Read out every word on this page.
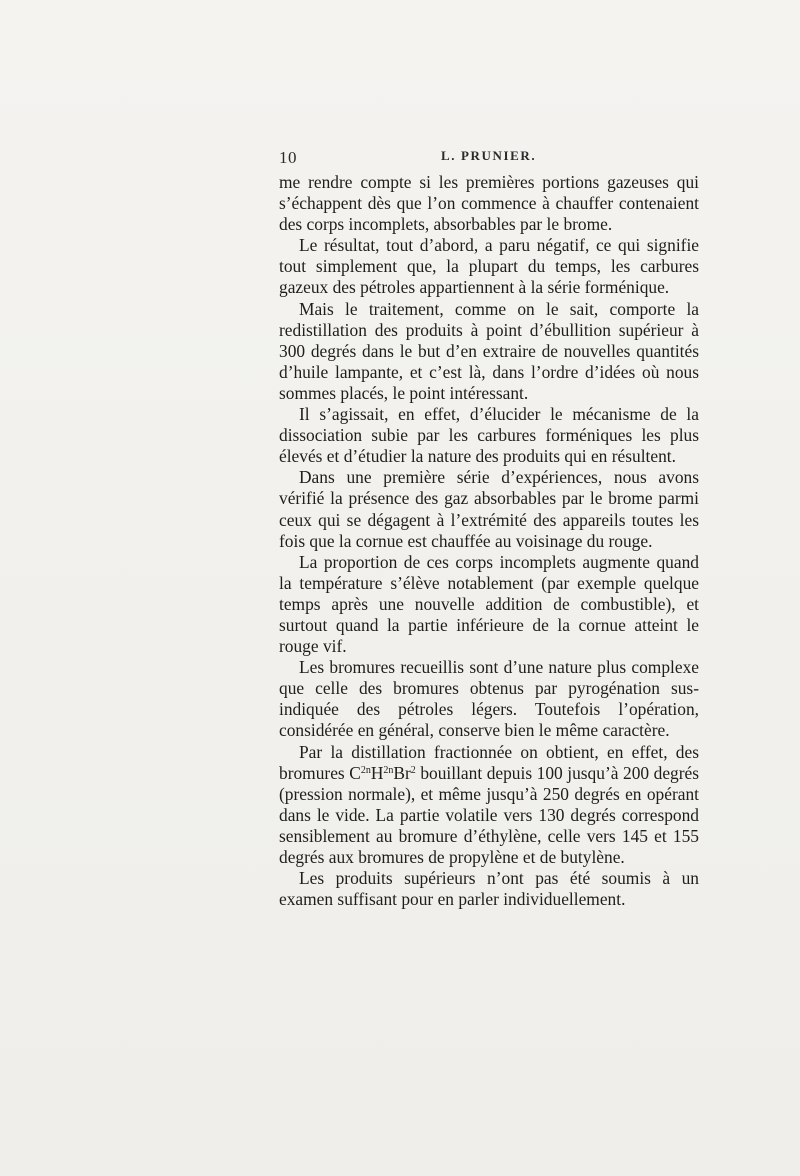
10	L. PRUNIER.

me rendre compte si les premières portions gazeuses qui s’échappent dès que l’on commence à chauffer contenaient des corps incomplets, absorbables par le brome.

Le résultat, tout d’abord, a paru négatif, ce qui signifie tout simplement que, la plupart du temps, les carbures gazeux des pétroles appartiennent à la série forménique.

Mais le traitement, comme on le sait, comporte la redistillation des produits à point d’ébullition supérieur à 300 degrés dans le but d’en extraire de nouvelles quantités d’huile lampante, et c’est là, dans l’ordre d’idées où nous sommes placés, le point intéressant.

Il s’agissait, en effet, d’élucider le mécanisme de la dissociation subie par les carbures forméniques les plus élevés et d’étudier la nature des produits qui en résultent.

Dans une première série d’expériences, nous avons vérifié la présence des gaz absorbables par le brome parmi ceux qui se dégagent à l’extrémité des appareils toutes les fois que la cornue est chauffée au voisinage du rouge.

La proportion de ces corps incomplets augmente quand la température s’élève notablement (par exemple quelque temps après une nouvelle addition de combustible), et surtout quand la partie inférieure de la cornue atteint le rouge vif.

Les bromures recueillis sont d’une nature plus complexe que celle des bromures obtenus par pyrogénation sus-indiquée des pétroles légers. Toutefois l’opération, considérée en général, conserve bien le même caractère.

Par la distillation fractionnée on obtient, en effet, des bromures $C^{2n}H^{2n}Br^2$ bouillant depuis 100 jusqu’à 200 degrés (pression normale), et même jusqu’à 250 degrés en opérant dans le vide. La partie volatile vers 130 degrés correspond sensiblement au bromure d’éthylène, celle vers 145 et 155 degrés aux bromures de propylène et de butylène.

Les produits supérieurs n’ont pas été soumis à un examen suffisant pour en parler individuellement.
